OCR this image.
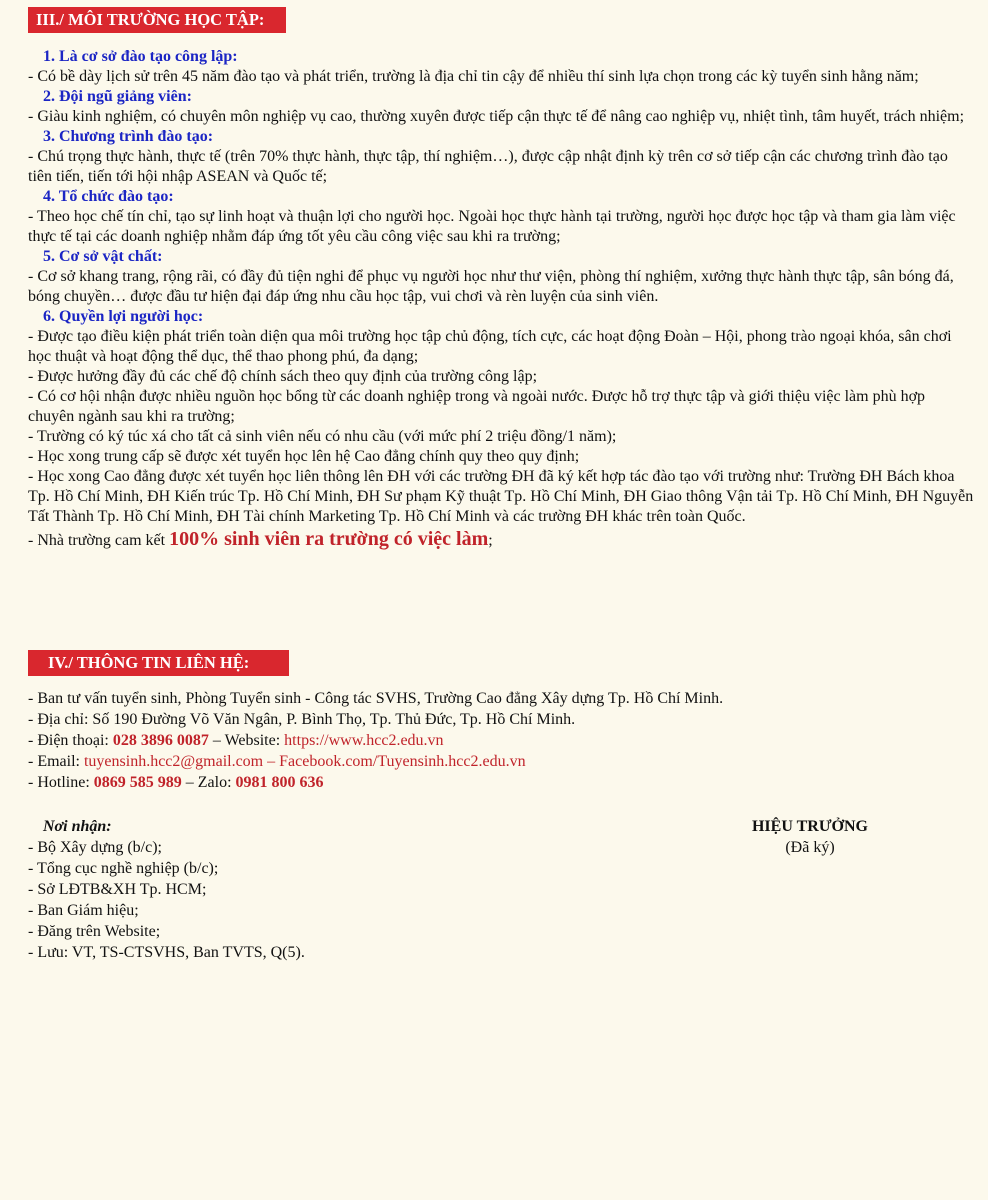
III./ MÔI TRƯỜNG HỌC TẬP:
1. Là cơ sở đào tạo công lập:

- Có bề dày lịch sử trên 45 năm đào tạo và phát triển, trường là địa chỉ tin cậy để nhiều thí sinh lựa chọn trong các kỳ tuyển sinh hằng năm;

2. Đội ngũ giảng viên:

- Giàu kinh nghiệm, có chuyên môn nghiệp vụ cao, thường xuyên được tiếp cận thực tế để nâng cao nghiệp vụ, nhiệt tình, tâm huyết, trách nhiệm;

3. Chương trình đào tạo:

- Chú trọng thực hành, thực tế (trên 70% thực hành, thực tập, thí nghiệm…), được cập nhật định kỳ trên cơ sở tiếp cận các chương trình đào tạo tiên tiến, tiến tới hội nhập ASEAN và Quốc tế;

4. Tổ chức đào tạo:

- Theo học chế tín chỉ, tạo sự linh hoạt và thuận lợi cho người học. Ngoài học thực hành tại trường, người học được học tập và tham gia làm việc thực tế tại các doanh nghiệp nhằm đáp ứng tốt yêu cầu công việc sau khi ra trường;

5. Cơ sở vật chất:

- Cơ sở khang trang, rộng rãi, có đầy đủ tiện nghi để phục vụ người học như thư viện, phòng thí nghiệm, xưởng thực hành thực tập, sân bóng đá, bóng chuyền… được đầu tư hiện đại đáp ứng nhu cầu học tập, vui chơi và rèn luyện của sinh viên.

6. Quyền lợi người học:

- Được tạo điều kiện phát triển toàn diện qua môi trường học tập chủ động, tích cực, các hoạt động Đoàn – Hội, phong trào ngoại khóa, sân chơi học thuật và hoạt động thể dục, thể thao phong phú, đa dạng;

- Được hưởng đầy đủ các chế độ chính sách theo quy định của trường công lập;

- Có cơ hội nhận được nhiều nguồn học bổng từ các doanh nghiệp trong và ngoài nước. Được hỗ trợ thực tập và giới thiệu việc làm phù hợp chuyên ngành sau khi ra trường;

- Trường có ký túc xá cho tất cả sinh viên nếu có nhu cầu (với mức phí 2 triệu đồng/1 năm);

- Học xong trung cấp sẽ được xét tuyển học lên hệ Cao đẳng chính quy theo quy định;

- Học xong Cao đẳng được xét tuyển học liên thông lên ĐH với các trường ĐH đã ký kết hợp tác đào tạo với trường như: Trường ĐH Bách khoa Tp. Hồ Chí Minh, ĐH Kiến trúc Tp. Hồ Chí Minh, ĐH Sư phạm Kỹ thuật Tp. Hồ Chí Minh, ĐH Giao thông Vận tải Tp. Hồ Chí Minh, ĐH Nguyễn Tất Thành Tp. Hồ Chí Minh, ĐH Tài chính Marketing Tp. Hồ Chí Minh và các trường ĐH khác trên toàn Quốc.

- Nhà trường cam kết 100% sinh viên ra trường có việc làm;

IV./ THÔNG TIN LIÊN HỆ:
- Ban tư vấn tuyển sinh, Phòng Tuyển sinh - Công tác SVHS, Trường Cao đẳng Xây dựng Tp. Hồ Chí Minh.
- Địa chỉ: Số 190 Đường Võ Văn Ngân, P. Bình Thọ, Tp. Thủ Đức, Tp. Hồ Chí Minh.
- Điện thoại: 028 3896 0087 – Website: https://www.hcc2.edu.vn
- Email: tuyensinh.hcc2@gmail.com – Facebook.com/Tuyensinh.hcc2.edu.vn
- Hotline: 0869 585 989 – Zalo: 0981 800 636
Nơi nhận:
- Bộ Xây dựng (b/c);
- Tổng cục nghề nghiệp (b/c);
- Sở LĐTB&XH Tp. HCM;
- Ban Giám hiệu;
- Đăng trên Website;
- Lưu: VT, TS-CTSVHS, Ban TVTS, Q(5).
HIỆU TRƯỞNG
(Đã ký)
